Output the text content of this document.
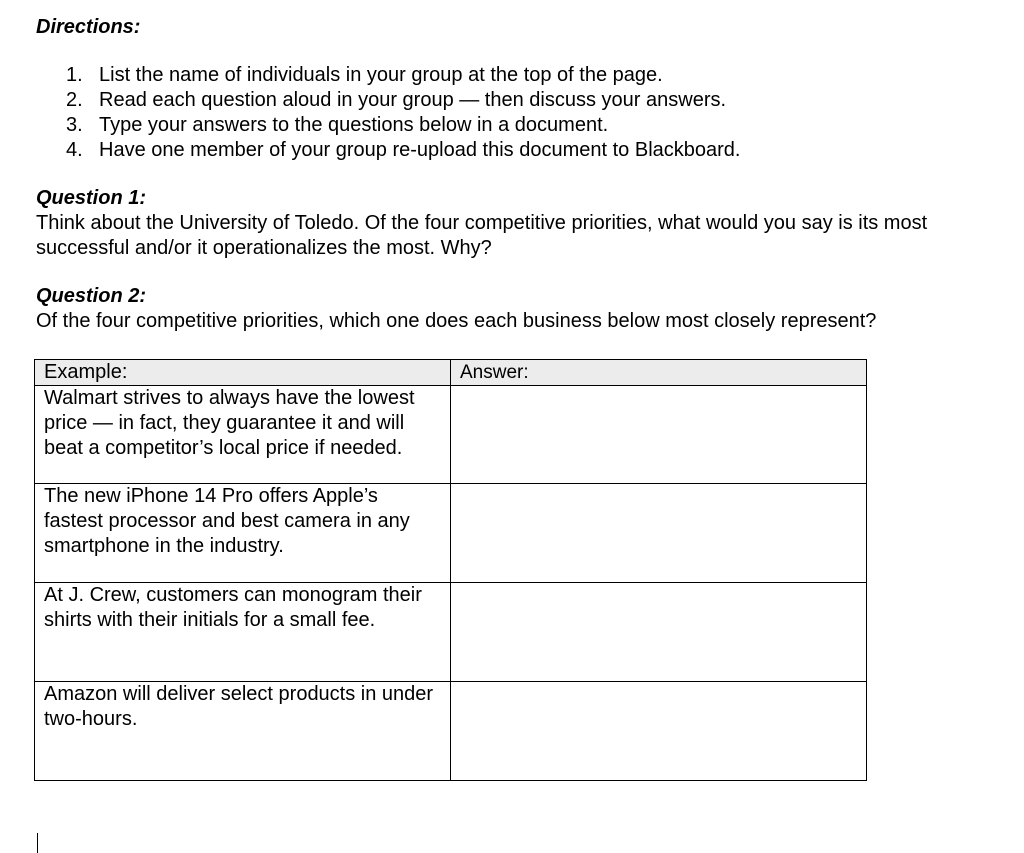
Directions:
1. List the name of individuals in your group at the top of the page.
2. Read each question aloud in your group — then discuss your answers.
3. Type your answers to the questions below in a document.
4. Have one member of your group re-upload this document to Blackboard.
Question 1:
Think about the University of Toledo. Of the four competitive priorities, what would you say is its most successful and/or it operationalizes the most. Why?
Question 2:
Of the four competitive priorities, which one does each business below most closely represent?
Example:	Answer:
Walmart strives to always have the lowest price — in fact, they guarantee it and will beat a competitor’s local price if needed.	
The new iPhone 14 Pro offers Apple’s fastest processor and best camera in any smartphone in the industry.	
At J. Crew, customers can monogram their shirts with their initials for a small fee.	
Amazon will deliver select products in under two-hours.	
